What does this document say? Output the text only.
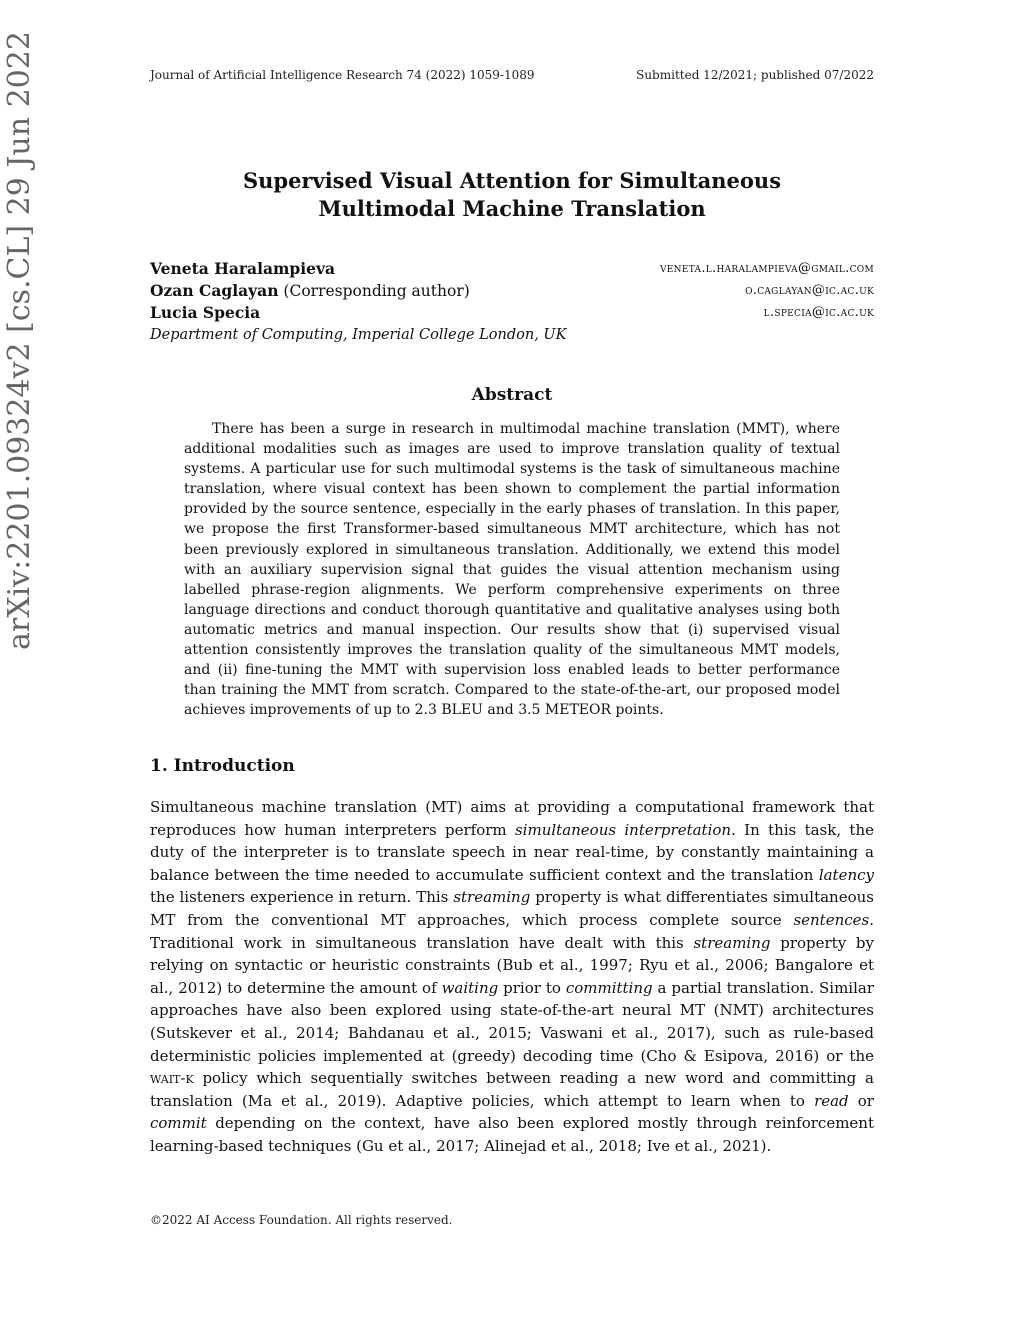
Journal of Artificial Intelligence Research 74 (2022) 1059-1089	Submitted 12/2021; published 07/2022
Supervised Visual Attention for Simultaneous
Multimodal Machine Translation
Veneta Haralampieva	veneta.l.haralampieva@gmail.com
Ozan Caglayan (Corresponding author)	o.caglayan@ic.ac.uk
Lucia Specia	l.specia@ic.ac.uk
Department of Computing, Imperial College London, UK
Abstract

There has been a surge in research in multimodal machine translation (MMT), where additional modalities such as images are used to improve translation quality of textual systems. A particular use for such multimodal systems is the task of simultaneous machine translation, where visual context has been shown to complement the partial information provided by the source sentence, especially in the early phases of translation. In this paper, we propose the first Transformer-based simultaneous MMT architecture, which has not been previously explored in simultaneous translation. Additionally, we extend this model with an auxiliary supervision signal that guides the visual attention mechanism using labelled phrase-region alignments. We perform comprehensive experiments on three language directions and conduct thorough quantitative and qualitative analyses using both automatic metrics and manual inspection. Our results show that (i) supervised visual attention consistently improves the translation quality of the simultaneous MMT models, and (ii) fine-tuning the MMT with supervision loss enabled leads to better performance than training the MMT from scratch. Compared to the state-of-the-art, our proposed model achieves improvements of up to 2.3 BLEU and 3.5 METEOR points.

1. Introduction

Simultaneous machine translation (MT) aims at providing a computational framework that reproduces how human interpreters perform simultaneous interpretation. In this task, the duty of the interpreter is to translate speech in near real-time, by constantly maintaining a balance between the time needed to accumulate sufficient context and the translation latency the listeners experience in return. This streaming property is what differentiates simultaneous MT from the conventional MT approaches, which process complete source sentences. Traditional work in simultaneous translation have dealt with this streaming property by relying on syntactic or heuristic constraints (Bub et al., 1997; Ryu et al., 2006; Bangalore et al., 2012) to determine the amount of waiting prior to committing a partial translation. Similar approaches have also been explored using state-of-the-art neural MT (NMT) architectures (Sutskever et al., 2014; Bahdanau et al., 2015; Vaswani et al., 2017), such as rule-based deterministic policies implemented at (greedy) decoding time (Cho & Esipova, 2016) or the wait-k policy which sequentially switches between reading a new word and committing a translation (Ma et al., 2019). Adaptive policies, which attempt to learn when to read or commit depending on the context, have also been explored mostly through reinforcement learning-based techniques (Gu et al., 2017; Alinejad et al., 2018; Ive et al., 2021).

©2022 AI Access Foundation. All rights reserved.
arXiv:2201.09324v2 [cs.CL] 29 Jun 2022
